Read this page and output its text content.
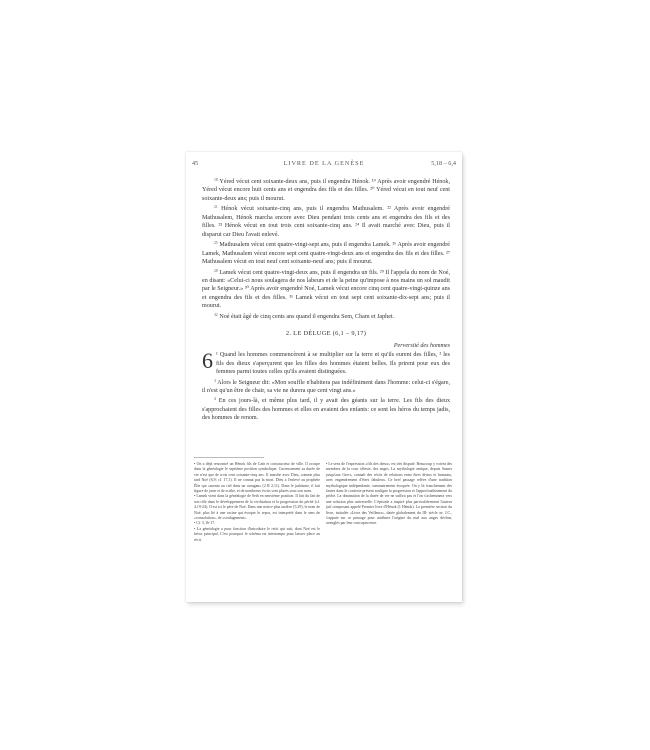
45	LIVRE DE LA GENÈSE	5,18 – 6,4

$^{18}$ Yéred vécut cent soixante-deux ans, puis il engendra Hénok. ¹⁹ Après avoir engendré Hénok, Yéred vécut encore huit cents ans et engendra des fils et des filles. ²⁰ Yéred vécut en tout neuf cent soixante-deux ans; puis il mourut.

$^{21}$ Hénok vécut soixante-cinq ans, puis il engendra Mathusalem. ²² Après avoir engendré Mathusalem, Hénok marcha encore avec Dieu pendant trois cents ans et engendra des fils et des filles. ²³ Hénok vécut en tout trois cent soixante-cinq ans. ²⁴ Il avait marché avec Dieu, puis il disparut car Dieu l'avait enlevé.

$^{25}$ Mathusalem vécut cent quatre-vingt-sept ans, puis il engendra Lamek. ²⁶ Après avoir engendré Lamek, Mathusalem vécut encore sept cent quatre-vingt-deux ans et engendra des fils et des filles. ²⁷ Mathusalem vécut en tout neuf cent soixante-neuf ans; puis il mourut.

$^{28}$ Lamek vécut cent quatre-vingt-deux ans, puis il engendra un fils. ²⁹ Il l'appela du nom de Noé, en disant: «Celui-ci nous soulagera de nos labeurs et de la peine qu'impose à nos mains un sol maudit par le Seigneur.» ³⁰ Après avoir engendré Noé, Lamek vécut encore cinq cent quatre-vingt-quinze ans et engendra des fils et des filles. ³¹ Lamek vécut en tout sept cent soixante-dix-sept ans; puis il mourut.

$^{32}$ Noé était âgé de cinq cents ans quand il engendra Sem, Cham et Japhet.

2. LE DÉLUGE (6,1 – 9,17)
Perversité des hommes

6 ¹ Quand les hommes commencèrent à se multiplier sur la terre et qu'ils eurent des filles, ² les fils des dieux s'aperçurent que les filles des hommes étaient belles. Ils prirent pour eux des femmes parmi toutes celles qu'ils avaient distinguées.

$^3$ Alors le Seigneur dit: «Mon souffle n'habitera pas indéfiniment dans l'homme: celui-ci s'égare, il n'est qu'un être de chair, sa vie ne durera que cent vingt ans.»

$^4$ En ces jours-là, et même plus tard, il y avait des géants sur la terre. Les fils des dieux s'approchaient des filles des hommes et elles en avaient des enfants: ce sont les héros du temps jadis, des hommes de renom.

• On a déjà rencontré un Hénok fils de Caïn et constructeur de ville. Il occupe dans la généalogie le septième position symbolique. Curieusement sa durée de vie n'est que de trois cent soixante-cinq ans. Il marche avec Dieu, comme plus tard Noé (6,9; cf. 17,1). Il ne connut pas la mort. Dieu a l'enlevé au prophète Élie qui «monta au ciel dans un ouragan» (2 R 2,11). Dans le judaïsme, il fait figure de juste et de scribe, et de nombreux écrits sont placés sous son nom.

• Lamek vient dans la généalogie de Seth en neuvième position. Il fait du fait de son rôle dans le développement de la civilisation et la progression du péché (cf. 4,19-24). Il est ici le père de Noé. Dans une notice plus tardive (5,29), le nom de Noé, plus lié à une racine qui évoque le repos, est interprété dans le sens de «consolation», de «soulagement».

• Cf. 5,16-17.

• La généalogie a pour fonction d'introduire le récit qui suit, dont Noé est le héros principal. C'est pourquoi le schéma est interrompu pour laisser place au récit.

• Le sens de l'expression «fils des dieux» est très disputé. Beaucoup y voient des membres de la cour céleste, des anges. La mythologie antique, depuis Sumer jusqu'aux Grecs, connaît des récits de relations entre êtres divins et humains, avec engendrement d'êtres fabuleux. Ce bref passage relève d'une tradition mythologique indépendante, sommairement évoquée. On y lit franchement des fautes dans le contexte présent souligne la progression et l'approfondissement du péché. La diminution de la durée de vie ne suffira pas et l'on s'acheminera vers une solution plus universelle. L'épisode a inspiré plus particulièrement l'auteur juif composant appelé Premier livre d'Hénok (1 Hénok). La première section du livre, intitulée «Livre des Veilleurs», datée globalement du IIIᵉ siècle av. J.C., s'appuie sur ce passage pour attribuer l'origine du mal aux anges déchus, aveuglés par leur concupiscence.
